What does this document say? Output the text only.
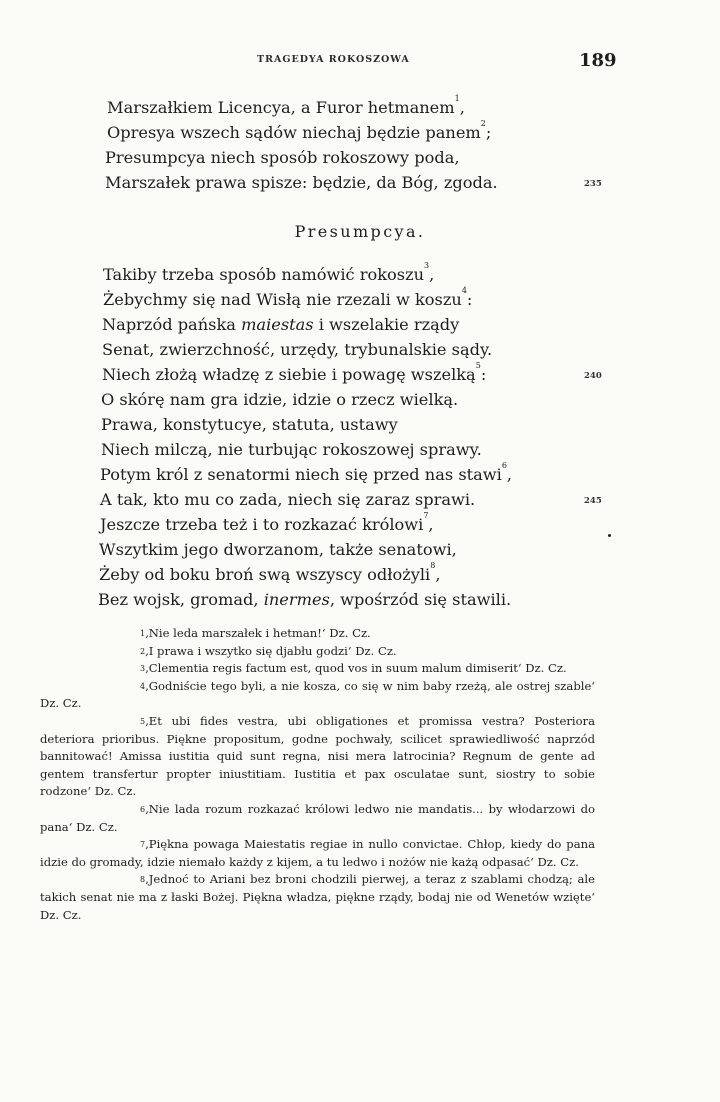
TRAGEDYA ROKOSZOWA	189
Marszałkiem Licencya, a Furor hetmanem$^1$,
Opresya wszech sądów niechaj będzie panem$^2$;
Presumpcya niech sposób rokoszowy poda,
Marszałek prawa spisze: będzie, da Bóg, zgoda.	235
Presumpcya.
Takiby trzeba sposób namówić rokoszu$^3$,
Żebychmy się nad Wisłą nie rzezali w koszu$^4$:
Naprzód pańska maiestas i wszelakie rządy
Senat, zwierzchność, urzędy, trybunalskie sądy.
Niech złożą władzę z siebie i powagę wszelką$^5$:	240
O skórę nam gra idzie, idzie o rzecz wielką.
Prawa, konstytucye, statuta, ustawy
Niech milczą, nie turbując rokoszowej sprawy.
Potym król z senatormi niech się przed nas stawi$^6$,
A tak, kto mu co zada, niech się zaraz sprawi.	245
Jeszcze trzeba też i to rozkazać królowi$^7$,
Wszytkim jego dworzanom, także senatowi,
Żeby od boku broń swą wszyscy odłożyli$^8$,
Bez wojsk, gromad, inermes, wpośrzód się stawili.

1‚Nie leda marszałek i hetman!‘ Dz. Cz.

2‚I prawa i wszytko się djabłu godzi‘ Dz. Cz.

3‚Clementia regis factum est, quod vos in suum malum dimiserit‘ Dz. Cz.

4‚Godniście tego byli, a nie kosza, co się w nim baby rzeżą, ale ostrej szable‘ Dz. Cz.

5‚Et ubi fides vestra, ubi obligationes et promissa vestra? Posteriora deteriora prioribus. Piękne propositum, godne pochwały, scilicet sprawiedliwość naprzód bannitować! Amissa iustitia quid sunt regna, nisi mera latrocinia? Regnum de gente ad gentem transfertur propter iniustitiam. Iustitia et pax osculatae sunt, siostry to sobie rodzone‘ Dz. Cz.

6‚Nie lada rozum rozkazać królowi ledwo nie mandatis... by włodarzowi do pana‘ Dz. Cz.

7‚Piękna powaga Maiestatis regiae in nullo convictae. Chłop, kiedy do pana idzie do gromady, idzie niemało każdy z kijem, a tu ledwo i nożów nie każą odpasać‘ Dz. Cz.

8‚Jednoć to Ariani bez broni chodzili pierwej, a teraz z szablami chodzą; ale takich senat nie ma z łaski Bożej. Piękna władza, piękne rządy, bodaj nie od Wenetów wzięte‘ Dz. Cz.
